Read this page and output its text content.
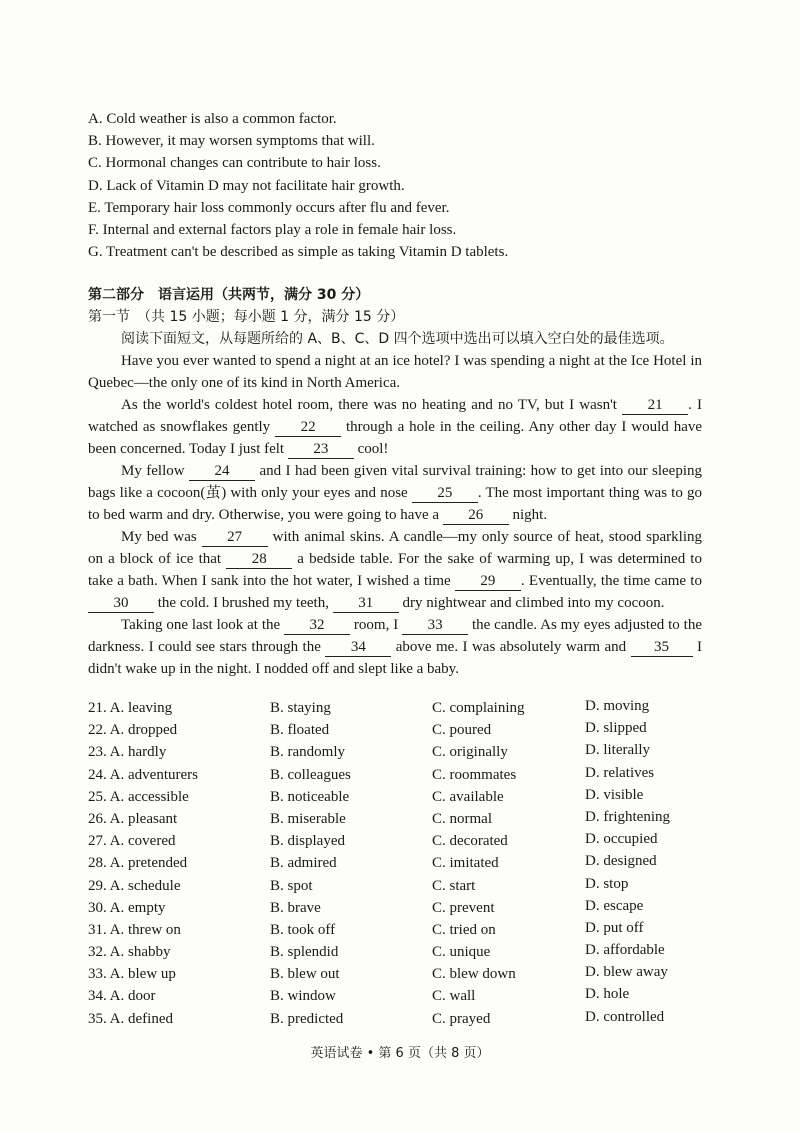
A. Cold weather is also a common factor.
B. However, it may worsen symptoms that will.
C. Hormonal changes can contribute to hair loss.
D. Lack of Vitamin D may not facilitate hair growth.
E. Temporary hair loss commonly occurs after flu and fever.
F. Internal and external factors play a role in female hair loss.
G. Treatment can't be described as simple as taking Vitamin D tablets.
第二部分　语言运用（共两节，满分 30 分）
第一节　（共 15 小题；每小题 1 分，满分 15 分）
阅读下面短文，从每题所给的 A、B、C、D 四个选项中选出可以填入空白处的最佳选项。
Have you ever wanted to spend a night at an ice hotel? I was spending a night at the Ice Hotel in Quebec—the only one of its kind in North America.
As the world's coldest hotel room, there was no heating and no TV, but I wasn't 21 . I watched as snowflakes gently 22 through a hole in the ceiling. Any other day I would have been concerned. Today I just felt 23 cool!
My fellow 24 and I had been given vital survival training: how to get into our sleeping bags like a cocoon(茧) with only your eyes and nose 25 . The most important thing was to go to bed warm and dry. Otherwise, you were going to have a 26 night.
My bed was 27 with animal skins. A candle—my only source of heat, stood sparkling on a block of ice that 28 a bedside table. For the sake of warming up, I was determined to take a bath. When I sank into the hot water, I wished a time 29 . Eventually, the time came to 30 the cold. I brushed my teeth, 31 dry nightwear and climbed into my cocoon.
Taking one last look at the 32 room, I 33 the candle. As my eyes adjusted to the darkness. I could see stars through the 34 above me. I was absolutely warm and 35 I didn't wake up in the night. I nodded off and slept like a baby.
21. A. leaving	B. staying	C. complaining	D. moving
22. A. dropped	B. floated	C. poured	D. slipped
23. A. hardly	B. randomly	C. originally	D. literally
24. A. adventurers	B. colleagues	C. roommates	D. relatives
25. A. accessible	B. noticeable	C. available	D. visible
26. A. pleasant	B. miserable	C. normal	D. frightening
27. A. covered	B. displayed	C. decorated	D. occupied
28. A. pretended	B. admired	C. imitated	D. designed
29. A. schedule	B. spot	C. start	D. stop
30. A. empty	B. brave	C. prevent	D. escape
31. A. threw on	B. took off	C. tried on	D. put off
32. A. shabby	B. splendid	C. unique	D. affordable
33. A. blew up	B. blew out	C. blew down	D. blew away
34. A. door	B. window	C. wall	D. hole
35. A. defined	B. predicted	C. prayed	D. controlled
英语试卷 • 第 6 页（共 8 页）
